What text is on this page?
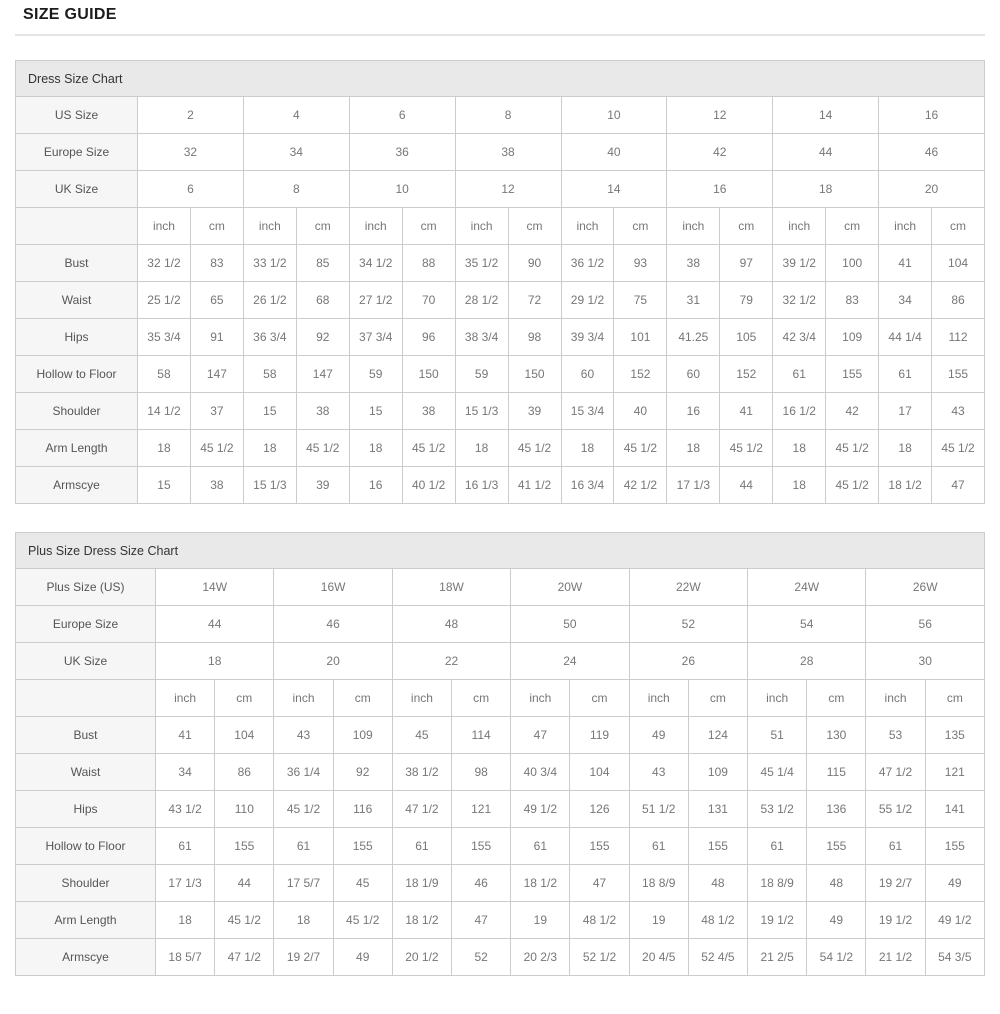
SIZE GUIDE
Dress Size Chart																
US Size	2		4		6		8		10		12		14		16	
Europe Size	32		34		36		38		40		42		44		46	
UK Size	6		8		10		12		14		16		18		20	
	inch	cm	inch	cm	inch	cm	inch	cm	inch	cm	inch	cm	inch	cm	inch	cm
Bust	32 1/2	83	33 1/2	85	34 1/2	88	35 1/2	90	36 1/2	93	38	97	39 1/2	100	41	104
Waist	25 1/2	65	26 1/2	68	27 1/2	70	28 1/2	72	29 1/2	75	31	79	32 1/2	83	34	86
Hips	35 3/4	91	36 3/4	92	37 3/4	96	38 3/4	98	39 3/4	101	41.25	105	42 3/4	109	44 1/4	112
Hollow to Floor	58	147	58	147	59	150	59	150	60	152	60	152	61	155	61	155
Shoulder	14 1/2	37	15	38	15	38	15 1/3	39	15 3/4	40	16	41	16 1/2	42	17	43
Arm Length	18	45 1/2	18	45 1/2	18	45 1/2	18	45 1/2	18	45 1/2	18	45 1/2	18	45 1/2	18	45 1/2
Armscye	15	38	15 1/3	39	16	40 1/2	16 1/3	41 1/2	16 3/4	42 1/2	17 1/3	44	18	45 1/2	18 1/2	47
Plus Size Dress Size Chart														
Plus Size (US)	14W		16W		18W		20W		22W		24W		26W	
Europe Size	44		46		48		50		52		54		56	
UK Size	18		20		22		24		26		28		30	
	inch	cm	inch	cm	inch	cm	inch	cm	inch	cm	inch	cm	inch	cm
Bust	41	104	43	109	45	114	47	119	49	124	51	130	53	135
Waist	34	86	36 1/4	92	38 1/2	98	40 3/4	104	43	109	45 1/4	115	47 1/2	121
Hips	43 1/2	110	45 1/2	116	47 1/2	121	49 1/2	126	51 1/2	131	53 1/2	136	55 1/2	141
Hollow to Floor	61	155	61	155	61	155	61	155	61	155	61	155	61	155
Shoulder	17 1/3	44	17 5/7	45	18 1/9	46	18 1/2	47	18 8/9	48	18 8/9	48	19 2/7	49
Arm Length	18	45 1/2	18	45 1/2	18 1/2	47	19	48 1/2	19	48 1/2	19 1/2	49	19 1/2	49 1/2
Armscye	18 5/7	47 1/2	19 2/7	49	20 1/2	52	20 2/3	52 1/2	20 4/5	52 4/5	21 2/5	54 1/2	21 1/2	54 3/5
